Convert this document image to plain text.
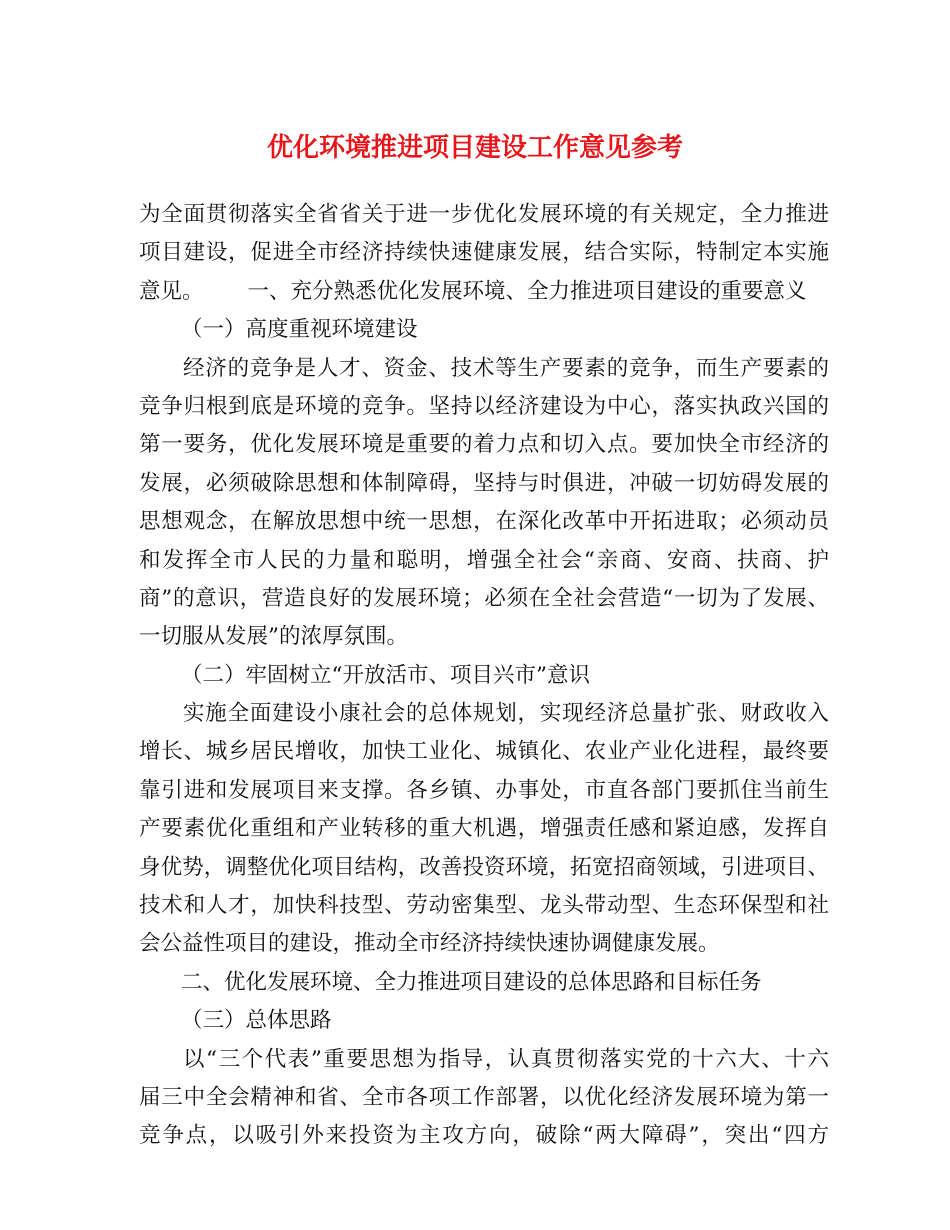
优化环境推进项目建设工作意见参考
为全面贯彻落实全省省关于进一步优化发展环境的有关规定，全力推进
项目建设，促进全市经济持续快速健康发展，结合实际，特制定本实施
意见。 一、充分熟悉优化发展环境、全力推进项目建设的重要意义
（一）高度重视环境建设
经济的竞争是人才、资金、技术等生产要素的竞争，而生产要素的
竞争归根到底是环境的竞争。坚持以经济建设为中心，落实执政兴国的
第一要务，优化发展环境是重要的着力点和切入点。要加快全市经济的
发展，必须破除思想和体制障碍，坚持与时俱进，冲破一切妨碍发展的
思想观念，在解放思想中统一思想，在深化改革中开拓进取；必须动员
和发挥全市人民的力量和聪明，增强全社会“亲商、安商、扶商、护
商”的意识，营造良好的发展环境；必须在全社会营造“一切为了发展、
一切服从发展”的浓厚氛围。
（二）牢固树立“开放活市、项目兴市”意识
实施全面建设小康社会的总体规划，实现经济总量扩张、财政收入
增长、城乡居民增收，加快工业化、城镇化、农业产业化进程，最终要
靠引进和发展项目来支撑。各乡镇、办事处，市直各部门要抓住当前生
产要素优化重组和产业转移的重大机遇，增强责任感和紧迫感，发挥自
身优势，调整优化项目结构，改善投资环境，拓宽招商领域，引进项目、
技术和人才，加快科技型、劳动密集型、龙头带动型、生态环保型和社
会公益性项目的建设，推动全市经济持续快速协调健康发展。
二、优化发展环境、全力推进项目建设的总体思路和目标任务
（三）总体思路
以“三个代表”重要思想为指导，认真贯彻落实党的十六大、十六
届三中全会精神和省、全市各项工作部署，以优化经济发展环境为第一
竞争点，以吸引外来投资为主攻方向，破除“两大障碍”，突出“四方
